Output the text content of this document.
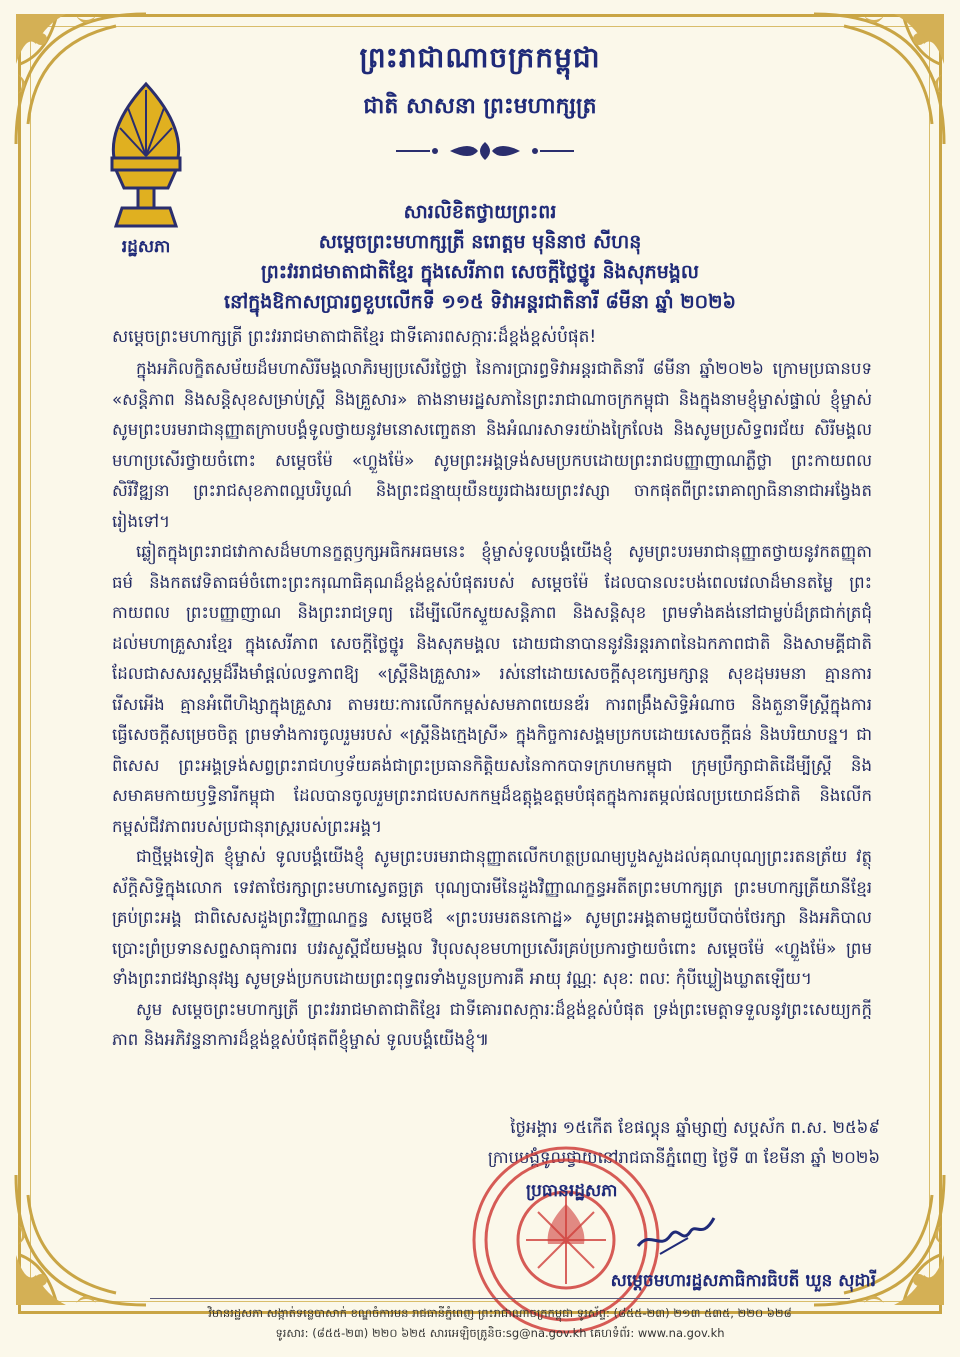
រដ្ឋសភា
ព្រះរាជាណាចក្រកម្ពុជា
ជាតិ សាសនា ព្រះមហាក្សត្រ
សារលិខិតថ្វាយព្រះពរ
សម្តេចព្រះមហាក្សត្រី នរោត្តម មុនិនាថ សីហនុ
ព្រះវររាជមាតាជាតិខ្មែរ ក្នុងសេរីភាព សេចក្តីថ្លៃថ្នូរ និងសុភមង្គល
នៅក្នុងឱកាសប្រារព្ធខួបលើកទី ១១៥ ទិវាអន្តរជាតិនារី ៨មីនា ឆ្នាំ ២០២៦
សម្តេចព្រះមហាក្សត្រី ព្រះវររាជមាតាជាតិខ្មែរ ជាទីគោរពសក្ការៈដ៏ខ្ពង់ខ្ពស់បំផុត!

ក្នុងអភិលក្ខិតសម័យដ៏មហាសិរីមង្គលាភិរម្យប្រសើរថ្លៃថ្លា នៃការប្រារព្ធទិវាអន្តរជាតិនារី ៨មីនា ឆ្នាំ២០២៦ ក្រោមប្រធានបទ «សន្តិភាព និងសន្តិសុខសម្រាប់ស្ត្រី និងគ្រួសារ» តាងនាមរដ្ឋសភានៃព្រះរាជាណាចក្រកម្ពុជា និងក្នុងនាមខ្ញុំម្ចាស់ផ្ទាល់ ខ្ញុំម្ចាស់សូមព្រះបរមរាជានុញ្ញាតក្រាបបង្គំទូលថ្វាយនូវមនោសញ្ចេតនា និងអំណរសាទរយ៉ាងក្រៃលែង និងសូមប្រសិទ្ធពរជ័យ សិរីមង្គលមហាប្រសើរថ្វាយចំពោះ សម្តេចម៉ែ «ហ្លួងម៉ែ» សូមព្រះអង្គទ្រង់សមប្រកបដោយព្រះរាជបញ្ញាញាណភ្លឺថ្លា ព្រះកាយពលសិរីវិឌ្ឍនា ព្រះរាជសុខភាពល្អបរិបូណ៌ និងព្រះជន្មាយុយឺនយូរជាងរយព្រះវស្សា ចាកផុតពីព្រះរោគាព្យាធិនានាជាអង្វែងតរៀងទៅ។

ឆ្លៀតក្នុងព្រះរាជវោកាសដ៏មហានក្ខត្តឫក្សអធិកអធមនេះ ខ្ញុំម្ចាស់ទូលបង្គំយើងខ្ញុំ សូមព្រះបរមរាជានុញ្ញាតថ្វាយនូវកតញ្ញុតាធម៌ និងកតវេទិតាធម៌ចំពោះព្រះករុណាធិគុណដ៏ខ្ពង់ខ្ពស់បំផុតរបស់ សម្តេចម៉ែ ដែលបានលះបង់ពេលវេលាដ៏មានតម្លៃ ព្រះកាយពល ព្រះបញ្ញាញាណ និងព្រះរាជទ្រព្យ ដើម្បីលើកស្ទួយសន្តិភាព និងសន្តិសុខ ព្រមទាំងគង់នៅជាម្លប់ដ៏ត្រជាក់ត្រជុំដល់មហាគ្រួសារខ្មែរ ក្នុងសេរីភាព សេចក្តីថ្លៃថ្នូរ និងសុភមង្គល ដោយជានាបាននូវនិរន្តរភាពនៃឯកភាពជាតិ និងសាមគ្គីជាតិ ដែលជាសសរស្តម្ភដ៏រឹងមាំផ្តល់លទ្ធភាពឱ្យ «ស្ត្រីនិងគ្រួសារ» រស់នៅដោយសេចក្តីសុខក្សេមក្សាន្ត សុខដុមរមនា គ្មានការរើសអើង គ្មានអំពើហិង្សាក្នុងគ្រួសារ តាមរយៈការលើកកម្ពស់សមភាពយេនឌ័រ ការពង្រឹងសិទ្ធិអំណាច និងតួនាទីស្ត្រីក្នុងការធ្វើសេចក្តីសម្រេចចិត្ត ព្រមទាំងការចូលរួមរបស់ «ស្ត្រីនិងក្មេងស្រី» ក្នុងកិច្ចការសង្គមប្រកបដោយសេចក្តីធន់ និងបរិយាបន្ន។ ជាពិសេស ព្រះអង្គទ្រង់សព្វព្រះរាជហឫទ័យគង់ជាព្រះប្រធានកិត្តិយសនៃកាកបាទក្រហមកម្ពុជា ក្រុមប្រឹក្សាជាតិដើម្បីស្ត្រី និងសមាគមកាយឫទ្ធិនារីកម្ពុជា ដែលបានចូលរួមព្រះរាជបេសកកម្មដ៏ឧត្តុង្គឧត្តមបំផុតក្នុងការតម្កល់ផលប្រយោជន៍ជាតិ និងលើកកម្ពស់ជីវភាពរបស់ប្រជានុរាស្ត្ររបស់ព្រះអង្គ។

ជាថ្មីម្តងទៀត ខ្ញុំម្ចាស់ ទូលបង្គំយើងខ្ញុំ សូមព្រះបរមរាជានុញ្ញាតលើកហត្ថប្រណម្យបួងសួងដល់គុណបុណ្យព្រះរតនត្រ័យ វត្ថុស័ក្តិសិទ្ធិក្នុងលោក ទេវតាថែរក្សាព្រះមហាស្វេតច្ឆត្រ បុណ្យបារមីនៃដួងវិញ្ញាណក្ខន្ធអតីតព្រះមហាក្សត្រ ព្រះមហាក្សត្រីយានីខ្មែរគ្រប់ព្រះអង្គ ជាពិសេសដួងព្រះវិញ្ញាណក្ខន្ធ សម្តេចឪ «ព្រះបរមរតនកោដ្ឋ» សូមព្រះអង្គតាមជួយបីបាច់ថែរក្សា និងអភិបាលប្រោះព្រំប្រទានសព្ទសាធុការពរ បវរសួស្តីជ័យមង្គល វិបុលសុខមហាប្រសើរគ្រប់ប្រការថ្វាយចំពោះ សម្តេចម៉ែ «ហ្លួងម៉ែ» ព្រមទាំងព្រះរាជវង្សានុវង្ស សូមទ្រង់ប្រកបដោយព្រះពុទ្ធពរទាំងបួនប្រការគឺ អាយុ វណ្ណៈ សុខៈ ពលៈ កុំបីឃ្លៀងឃ្លាតឡើយ។

សូម សម្តេចព្រះមហាក្សត្រី ព្រះវររាជមាតាជាតិខ្មែរ ជាទីគោរពសក្ការៈដ៏ខ្ពង់ខ្ពស់បំផុត ទ្រង់ព្រះមេត្តាទទួលនូវព្រះសេយ្យកក្តីភាព និងអភិវន្ទនាការដ៏ខ្ពង់ខ្ពស់បំផុតពីខ្ញុំម្ចាស់ ទូលបង្គំយើងខ្ញុំ៕

ថ្ងៃអង្គារ ១៥កើត ខែផល្គុន ឆ្នាំម្សាញ់ សប្តស័ក ព.ស. ២៥៦៩
ក្រាបបង្គំទូលថ្វាយនៅរាជធានីភ្នំពេញ ថ្ងៃទី ៣ ខែមីនា ឆ្នាំ ២០២៦
ប្រធានរដ្ឋសភា
សម្តេចមហារដ្ឋសភាធិការធិបតី ឃួន សុដារី
វិមានរដ្ឋសភា សង្កាត់ទន្លេបាសាក់ ខណ្ឌចំការមន រាជធានីភ្នំពេញ ព្រះរាជាណាចក្រកម្ពុជា ទូរស័ព្ទ: (៨៥៥-២៣) ២១៣ ៥៣៥, ២២០ ៦២៨
ទូរសារ: (៨៥៥-២៣) ២២០ ៦២៥ សារអេឡិចត្រូនិច:sg@na.gov.kh គេហទំព័រ: www.na.gov.kh
